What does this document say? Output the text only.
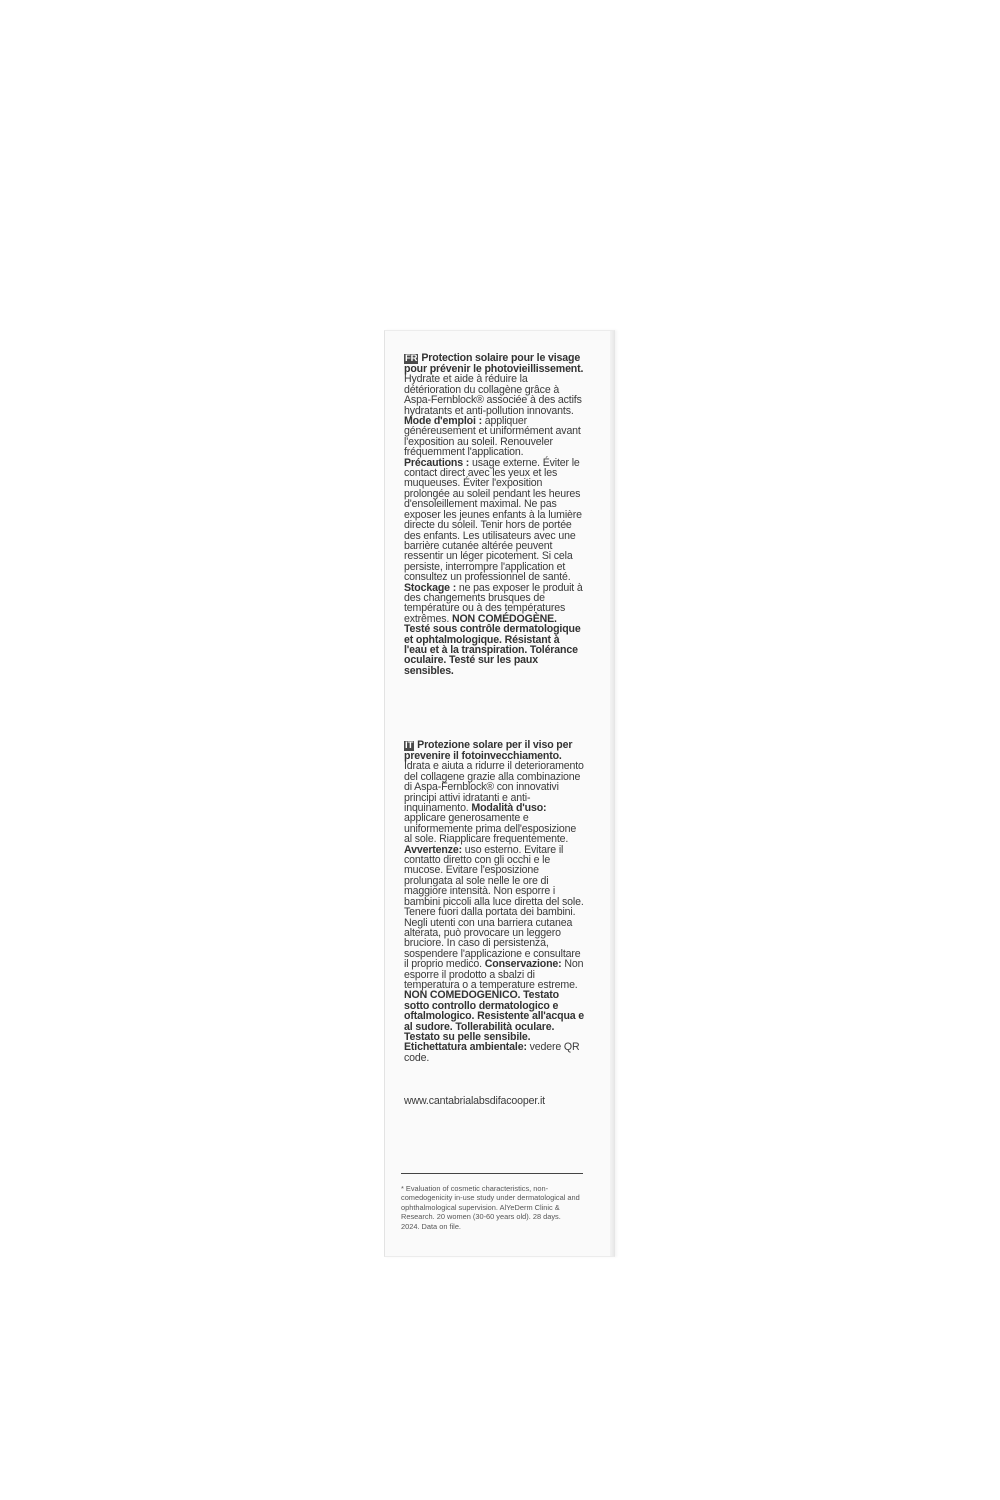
FR Protection solaire pour le visage pour prévenir le photovieillissement. Hydrate et aide à réduire la détérioration du collagène grâce à Aspa-Fernblock® associée à des actifs hydratants et anti-pollution innovants. Mode d'emploi : appliquer généreusement et uniformément avant l'exposition au soleil. Renouveler fréquemment l'application. Précautions : usage externe. Éviter le contact direct avec les yeux et les muqueuses. Éviter l'exposition prolongée au soleil pendant les heures d'ensoleillement maximal. Ne pas exposer les jeunes enfants à la lumière directe du soleil. Tenir hors de portée des enfants. Les utilisateurs avec une barrière cutanée altérée peuvent ressentir un léger picotement. Si cela persiste, interrompre l'application et consultez un professionnel de santé. Stockage : ne pas exposer le produit à des changements brusques de température ou à des températures extrêmes. NON COMÉDOGÈNE. Testé sous contrôle dermatologique et ophtalmologique. Résistant à l'eau et à la transpiration. Tolérance oculaire. Testé sur les paux sensibles.
IT Protezione solare per il viso per prevenire il fotoinvecchiamento. Idrata e aiuta a ridurre il deterioramento del collagene grazie alla combinazione di Aspa-Fernblock® con innovativi principi attivi idratanti e anti-inquinamento. Modalità d'uso: applicare generosamente e uniformemente prima dell'esposizione al sole. Riapplicare frequentemente. Avvertenze: uso esterno. Evitare il contatto diretto con gli occhi e le mucose. Evitare l'esposizione prolungata al sole nelle le ore di maggiore intensità. Non esporre i bambini piccoli alla luce diretta del sole. Tenere fuori dalla portata dei bambini. Negli utenti con una barriera cutanea alterata, può provocare un leggero bruciore. In caso di persistenza, sospendere l'applicazione e consultare il proprio medico. Conservazione: Non esporre il prodotto a sbalzi di temperatura o a temperature estreme. NON COMEDOGENICO. Testato sotto controllo dermatologico e oftalmologico. Resistente all'acqua e al sudore. Tollerabilità oculare. Testato su pelle sensibile. Etichettatura ambientale: vedere QR code.
www.cantabrialabsdifacooper.it
* Evaluation of cosmetic characteristics, non-comedogenicity in-use study under dermatological and ophthalmological supervision. AlYeDerm Clinic & Research. 20 women (30-60 years old). 28 days. 2024. Data on file.
